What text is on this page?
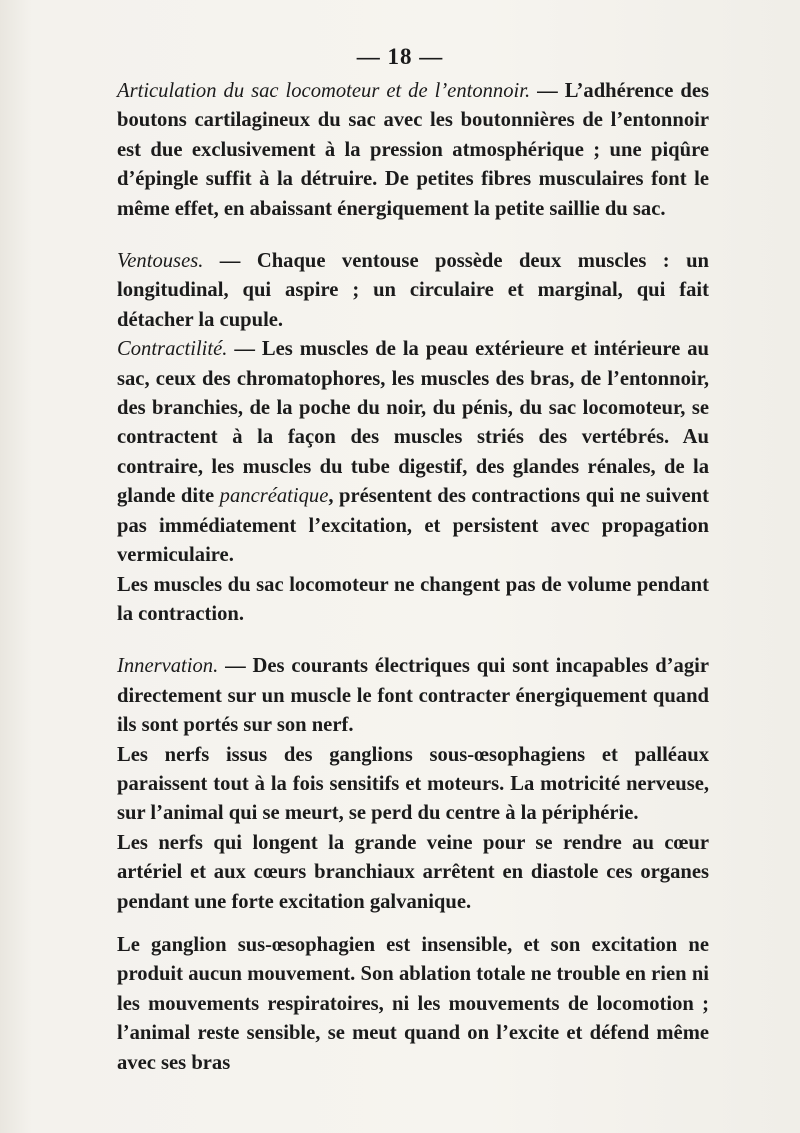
— 18 —

Articulation du sac locomoteur et de l’entonnoir. — L’adhérence des boutons cartilagineux du sac avec les boutonnières de l’entonnoir est due exclusivement à la pression atmosphérique ; une piqûre d’épingle suffit à la détruire. De petites fibres musculaires font le même effet, en abaissant énergiquement la petite saillie du sac.

Ventouses. — Chaque ventouse possède deux muscles : un longitudinal, qui aspire ; un circulaire et marginal, qui fait détacher la cupule.

Contractilité. — Les muscles de la peau extérieure et intérieure au sac, ceux des chromatophores, les muscles des bras, de l’entonnoir, des branchies, de la poche du noir, du pénis, du sac locomoteur, se contractent à la façon des muscles striés des vertébrés. Au contraire, les muscles du tube digestif, des glandes rénales, de la glande dite pancréatique, présentent des contractions qui ne suivent pas immédiatement l’excitation, et persistent avec propagation vermiculaire.

Les muscles du sac locomoteur ne changent pas de volume pendant la contraction.

Innervation. — Des courants électriques qui sont incapables d’agir directement sur un muscle le font contracter énergiquement quand ils sont portés sur son nerf.

Les nerfs issus des ganglions sous-œsophagiens et palléaux paraissent tout à la fois sensitifs et moteurs. La motricité nerveuse, sur l’animal qui se meurt, se perd du centre à la périphérie.

Les nerfs qui longent la grande veine pour se rendre au cœur artériel et aux cœurs branchiaux arrêtent en diastole ces organes pendant une forte excitation galvanique.

Le ganglion sus-œsophagien est insensible, et son excitation ne produit aucun mouvement. Son ablation totale ne trouble en rien ni les mouvements respiratoires, ni les mouvements de locomotion ; l’animal reste sensible, se meut quand on l’excite et défend même avec ses bras
